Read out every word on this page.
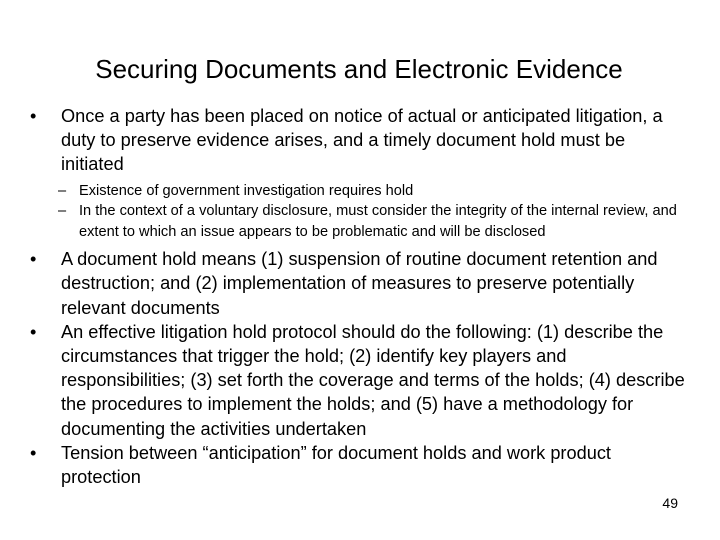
Securing Documents and Electronic Evidence
•	Once a party has been placed on notice of actual or anticipated litigation, a duty to preserve evidence arises, and a timely document hold must be initiated
– Existence of government investigation requires hold
– In the context of a voluntary disclosure, must consider the integrity of the internal review, and extent to which an issue appears to be problematic and will be disclosed
•	A document hold means (1) suspension of routine document retention and destruction; and (2) implementation of measures to preserve potentially relevant documents
•	An effective litigation hold protocol should do the following: (1) describe the circumstances that trigger the hold; (2) identify key players and responsibilities; (3) set forth the coverage and terms of the holds; (4) describe the procedures to implement the holds; and (5) have a methodology for documenting the activities undertaken
•	Tension between “anticipation” for document holds and work product protection
49
